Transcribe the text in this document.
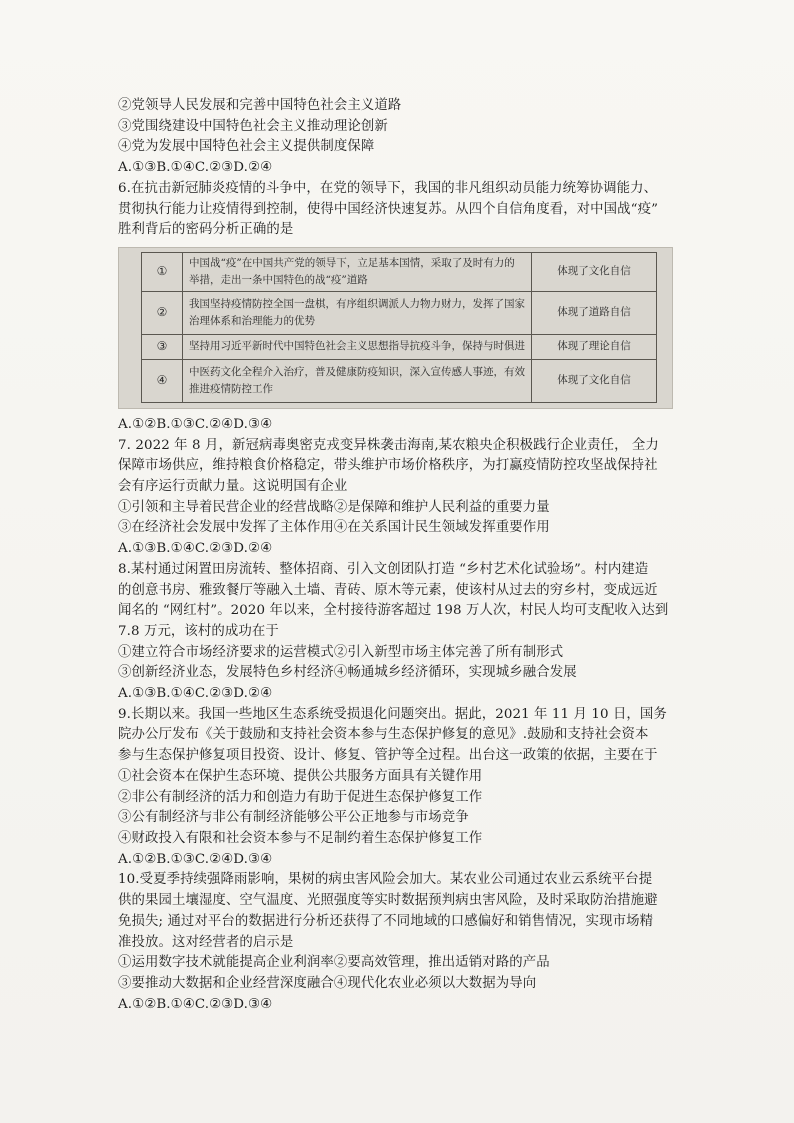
②党领导人民发展和完善中国特色社会主义道路
③党围绕建设中国特色社会主义推动理论创新
④党为发展中国特色社会主义提供制度保障
A.①③B.①④C.②③D.②④
6.在抗击新冠肺炎疫情的斗争中，在党的领导下，我国的非凡组织动员能力统筹协调能力、
贯彻执行能力让疫情得到控制，使得中国经济快速复苏。从四个自信角度看，对中国战“疫”
胜利背后的密码分析正确的是
①	中国战“疫”在中国共产党的领导下，立足基本国情，采取了及时有力的举措，走出一条中国特色的战“疫”道路	体现了文化自信
②	我国坚持疫情防控全国一盘棋，有序组织调派人力物力财力，发挥了国家治理体系和治理能力的优势	体现了道路自信
③	坚持用习近平新时代中国特色社会主义思想指导抗疫斗争，保持与时俱进	体现了理论自信
④	中医药文化全程介入治疗，普及健康防疫知识，深入宣传感人事迹，有效推进疫情防控工作	体现了文化自信
A.①②B.①③C.②④D.③④
7. 2022 年 8 月，新冠病毒奥密克戎变异株袭击海南,某农粮央企积极践行企业责任， 全力
保障市场供应，维持粮食价格稳定，带头维护市场价格秩序，为打赢疫情防控攻坚战保持社
会有序运行贡献力量。这说明国有企业
①引领和主导着民营企业的经营战略②是保障和维护人民利益的重要力量
③在经济社会发展中发挥了主体作用④在关系国计民生领域发挥重要作用
A.①③B.①④C.②③D.②④
8.某村通过闲置田房流转、整体招商、引入文创团队打造 “乡村艺术化试验场”。村内建造
的创意书房、雅致餐厅等融入土墙、青砖、原木等元素，使该村从过去的穷乡村，变成远近
闻名的 “网红村”。2020 年以来，全村接待游客超过 198 万人次，村民人均可支配收入达到
7.8 万元，该村的成功在于
①建立符合市场经济要求的运营模式②引入新型市场主体完善了所有制形式
③创新经济业态，发展特色乡村经济④畅通城乡经济循环，实现城乡融合发展
A.①③B.①④C.②③D.②④
9.长期以来。我国一些地区生态系统受损退化问题突出。据此，2021 年 11 月 10 日，国务
院办公厅发布《关于鼓励和支持社会资本参与生态保护修复的意见》.鼓励和支持社会资本
参与生态保护修复项目投资、设计、修复、管护等全过程。出台这一政策的依据，主要在于
①社会资本在保护生态环境、提供公共服务方面具有关键作用
②非公有制经济的活力和创造力有助于促进生态保护修复工作
③公有制经济与非公有制经济能够公平公正地参与市场竞争
④财政投入有限和社会资本参与不足制约着生态保护修复工作
A.①②B.①③C.②④D.③④
10.受夏季持续强降雨影响，果树的病虫害风险会加大。某农业公司通过农业云系统平台提
供的果园土壤湿度、空气温度、光照强度等实时数据预判病虫害风险，及时采取防治措施避
免损失; 通过对平台的数据进行分析还获得了不同地域的口感偏好和销售情况，实现市场精
准投放。这对经营者的启示是
①运用数字技术就能提高企业利润率②要高效管理，推出适销对路的产品
③要推动大数据和企业经营深度融合④现代化农业必须以大数据为导向
A.①②B.①④C.②③D.③④
